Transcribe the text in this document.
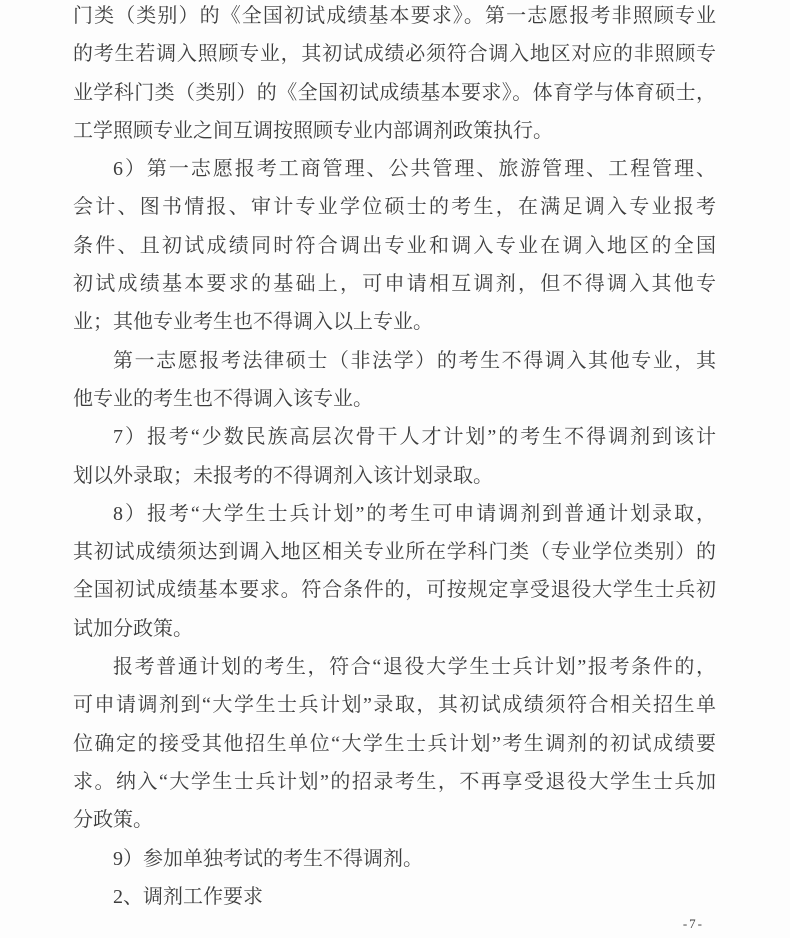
门类（类别）的《全国初试成绩基本要求》。第一志愿报考非照顾专业
的考生若调入照顾专业，其初试成绩必须符合调入地区对应的非照顾专
业学科门类（类别）的《全国初试成绩基本要求》。体育学与体育硕士，
工学照顾专业之间互调按照顾专业内部调剂政策执行。
6）第一志愿报考工商管理、公共管理、旅游管理、工程管理、
会计、图书情报、审计专业学位硕士的考生，在满足调入专业报考
条件、且初试成绩同时符合调出专业和调入专业在调入地区的全国
初试成绩基本要求的基础上，可申请相互调剂，但不得调入其他专
业；其他专业考生也不得调入以上专业。
第一志愿报考法律硕士（非法学）的考生不得调入其他专业，其
他专业的考生也不得调入该专业。
7）报考“少数民族高层次骨干人才计划”的考生不得调剂到该计
划以外录取；未报考的不得调剂入该计划录取。
8）报考“大学生士兵计划”的考生可申请调剂到普通计划录取，
其初试成绩须达到调入地区相关专业所在学科门类（专业学位类别）的
全国初试成绩基本要求。符合条件的，可按规定享受退役大学生士兵初
试加分政策。
报考普通计划的考生，符合“退役大学生士兵计划”报考条件的，
可申请调剂到“大学生士兵计划”录取，其初试成绩须符合相关招生单
位确定的接受其他招生单位“大学生士兵计划”考生调剂的初试成绩要
求。纳入“大学生士兵计划”的招录考生，不再享受退役大学生士兵加
分政策。
9）参加单独考试的考生不得调剂。
2、调剂工作要求
-7-
